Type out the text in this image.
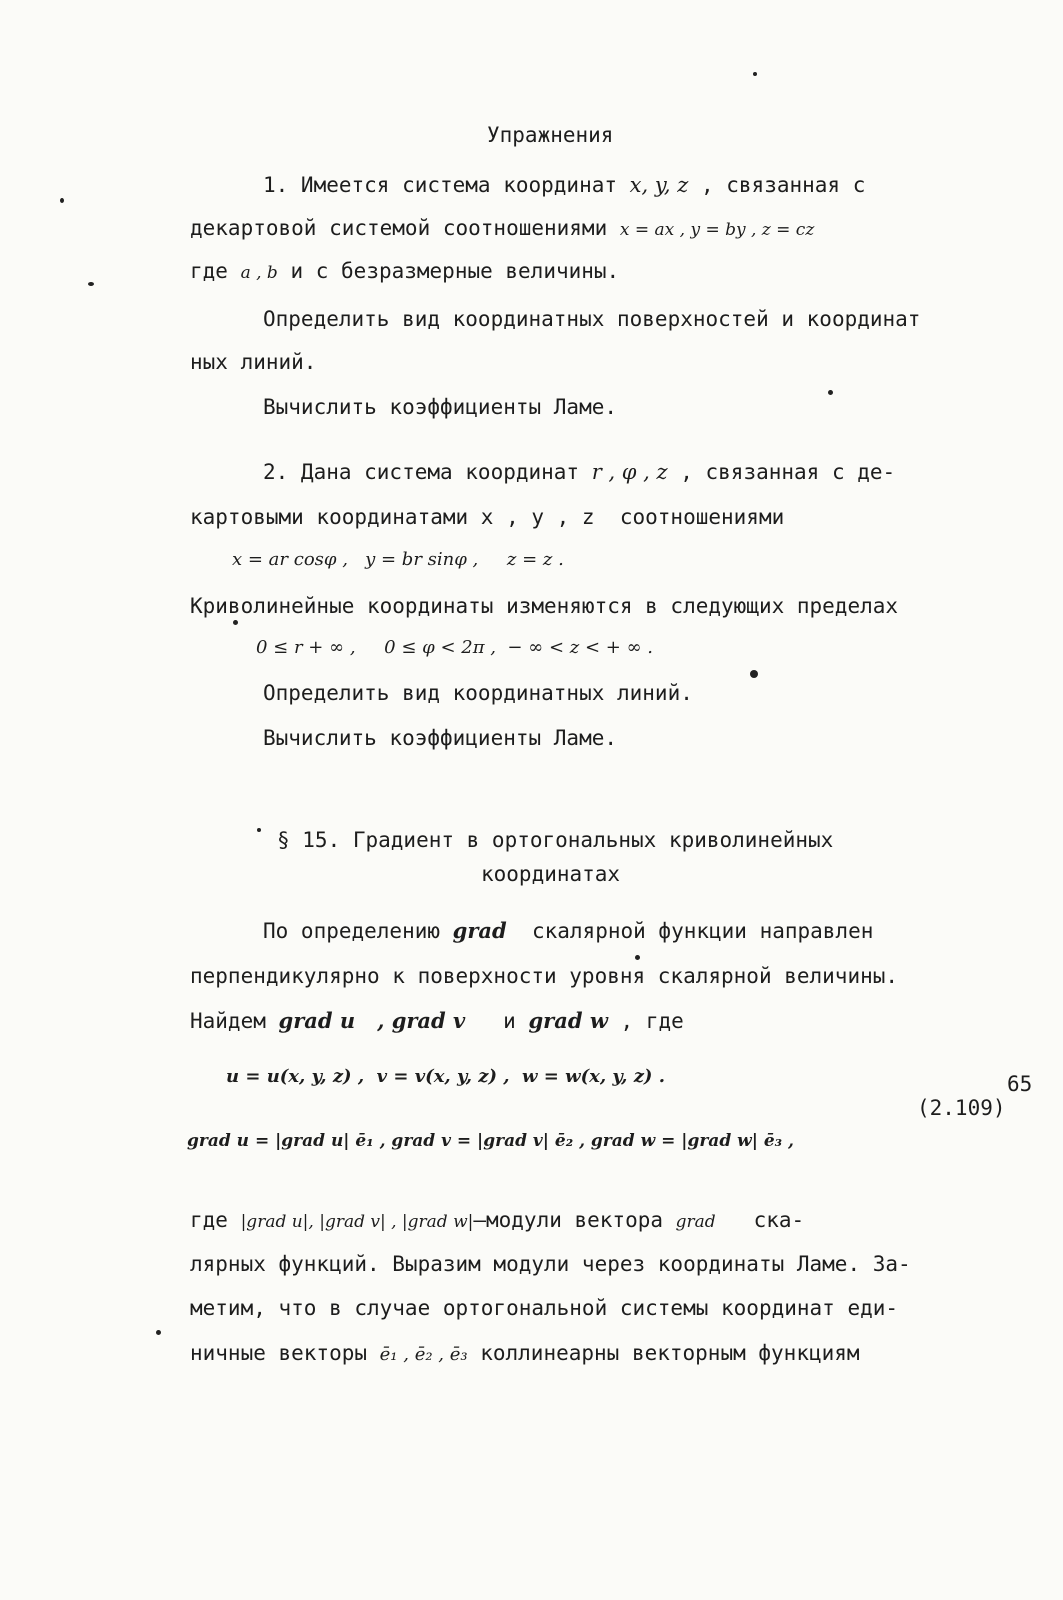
Упражнения
1. Имеется система координат x, y, z , связанная с
декартовой системой соотношениями x = ax , y = by , z = cz
где a , b и c безразмерные величины.
Определить вид координатных поверхностей и координат
ных линий.
Вычислить коэффициенты Ламе.
2. Дана система координат r , φ , z , связанная с де-
картовыми координатами x , y , z  соотношениями
x = ar cosφ ,   y = br sinφ ,     z = z .
Криволинейные координаты изменяются в следующих пределах
0 ≤ r + ∞ ,     0 ≤ φ < 2π ,  − ∞ < z < + ∞ .
Определить вид координатных линий.
Вычислить коэффициенты Ламе.
§ 15. Градиент в ортогональных криволинейных
координатах
По определению grad  скалярной функции направлен
перпендикулярно к поверхности уровня скалярной величины.
Найдем grad u   , grad v   и grad w , где
u = u(x, y, z) ,  v = v(x, y, z) ,  w = w(x, y, z) .
(2.109)
grad u = |grad u| ē₁ , grad v = |grad v| ē₂ , grad w = |grad w| ē₃ ,
где |grad u|, |grad v| , |grad w|—модули вектора grad   ска-
лярных функций. Выразим модули через координаты Ламе. За-
метим, что в случае ортогональной системы координат еди-
ничные векторы ē₁ , ē₂ , ē₃ коллинеарны векторным функциям
65
